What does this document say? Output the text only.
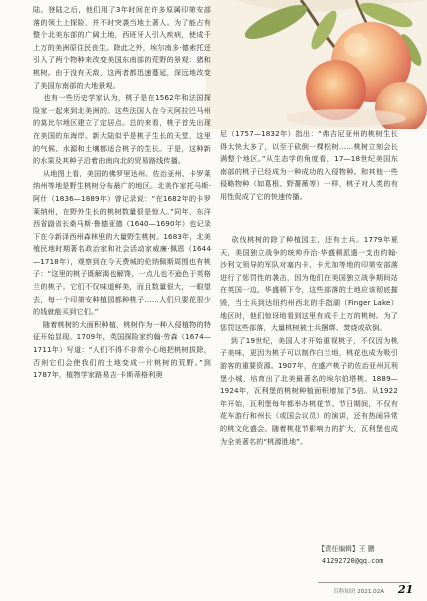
陆。登陆之后，他们用了3年时间在许多原属印第安部落的领土上探险，并不时突袭当地土著人。为了能占有整个北美东部的广阔土地，西班牙人引入疾病，使成千上万的美洲原住民丧生。除此之外，埃尔南多·德索托还引入了两个物种来改变美国东南部的荒野的景观：猪和桃树。由于没有天敌，这两者都迅速蔓延，深远地改变了美国东南部的大地景观。
也有一些历史学家认为，桃子是在1562年和法国探险家一起来到北美洲的。这些法国人在今天阿拉巴马州的莫比尔地区建立了定居点。总的来看，桃子首先出现在美国的东海岸。新大陆似乎是桃子生长的天堂，这里的气候、水源和土壤都适合桃子的生长。于是，这种新的水果及其种子沿着由南向北的贸易路线传播。
从地图上看，美国的佛罗里达州、佐治亚州、卡罗莱纳州等地是野生桃树分布最广的地区。北美作家托马斯·阿什（1836—1889年）曾记录说：“在1682年的卡罗莱纳州，在野外生长的桃树数量很是惊人。”同年，东洋西省副省长桑马斯·鲁德亚德（1640—1690年）也记录下在今新泽西州森林里的大量野生桃树。1683年，北美殖民地时期著名政治家和社会活动家威廉·佩恩（1644—1718年），观察到在今天费城的伦纳佩斯周围也有桃子：“这里的桃子既解渴也解馋，一点儿也不逊色于英格兰的桃子。它们不仅味道鲜美，而且数量很大，一眼望去，每一个印第安种植园都种桃子……人们只要花很少的钱就能买到它们。”
随着桃树的大面积种植，桃树作为一种入侵植物的特征开始显现。1709年，英国探险家约翰·劳森（1674—1711年）写道：“人们不得不非常小心地把桃树拔除，否则它们会使我们的土地变成一片桃树的荒野。”到1787年，植物学家路易吉·卡斯蒂格利奥

尼（1757—1832年）指出：“弗吉尼亚州的桃树生长得太快太多了，以至于砍倒一棵松树……桃树立刻会长满整个地区。”从生态学的角度看，17—18世纪美国东南部的桃子已经成为一种成功的入侵物种。和其他一些侵略物种（如葛根、野薔薇等）一样，桃子对人类的有用性促成了它的快速传播。

砍伐桃树的除了种植园主，还有士兵。1779年夏天，美国独立战争的统帅乔治·华盛顿派遣一支由约翰·沙利文领导的军队对塞内卡、卡尤加等地的印第安部落进行了惩罚性的袭击，因为他们在美国独立战争期间站在英国一边。华盛顿下令，这些部落的土地应该彻底摧毁，当士兵到达纽约州西北的手指湖（Finger Lake）地区时，他们惊讶地看到这里有成千上万的桃树。为了惩罚这些部落，大量桃树被士兵捆绑、焚烧或砍倒。
到了19世纪，美国人才开始重视桃子，不仅因为桃子美味，更因为桃子可以制作白兰地，桃花也成为吸引游客的重要资源。1907年，在盛产桃子的佐治亚州瓦利堡小城，培育出了北美最著名的埃尔伯塔桃。1889—1924年，瓦利堡的桃树种植面积增加了5倍。从1922年开始，瓦利堡每年都举办桃花节。节日期间，不仅有花车游行和州长（或国会议员）的演讲，还有热闹异常的桃文化盛会。随着桃花节影响力的扩大，瓦利堡也成为全美著名的“桃源胜地”。

【责任编辑】王 鹏
41292720@qq.com
百科知识 2021.02A 21
